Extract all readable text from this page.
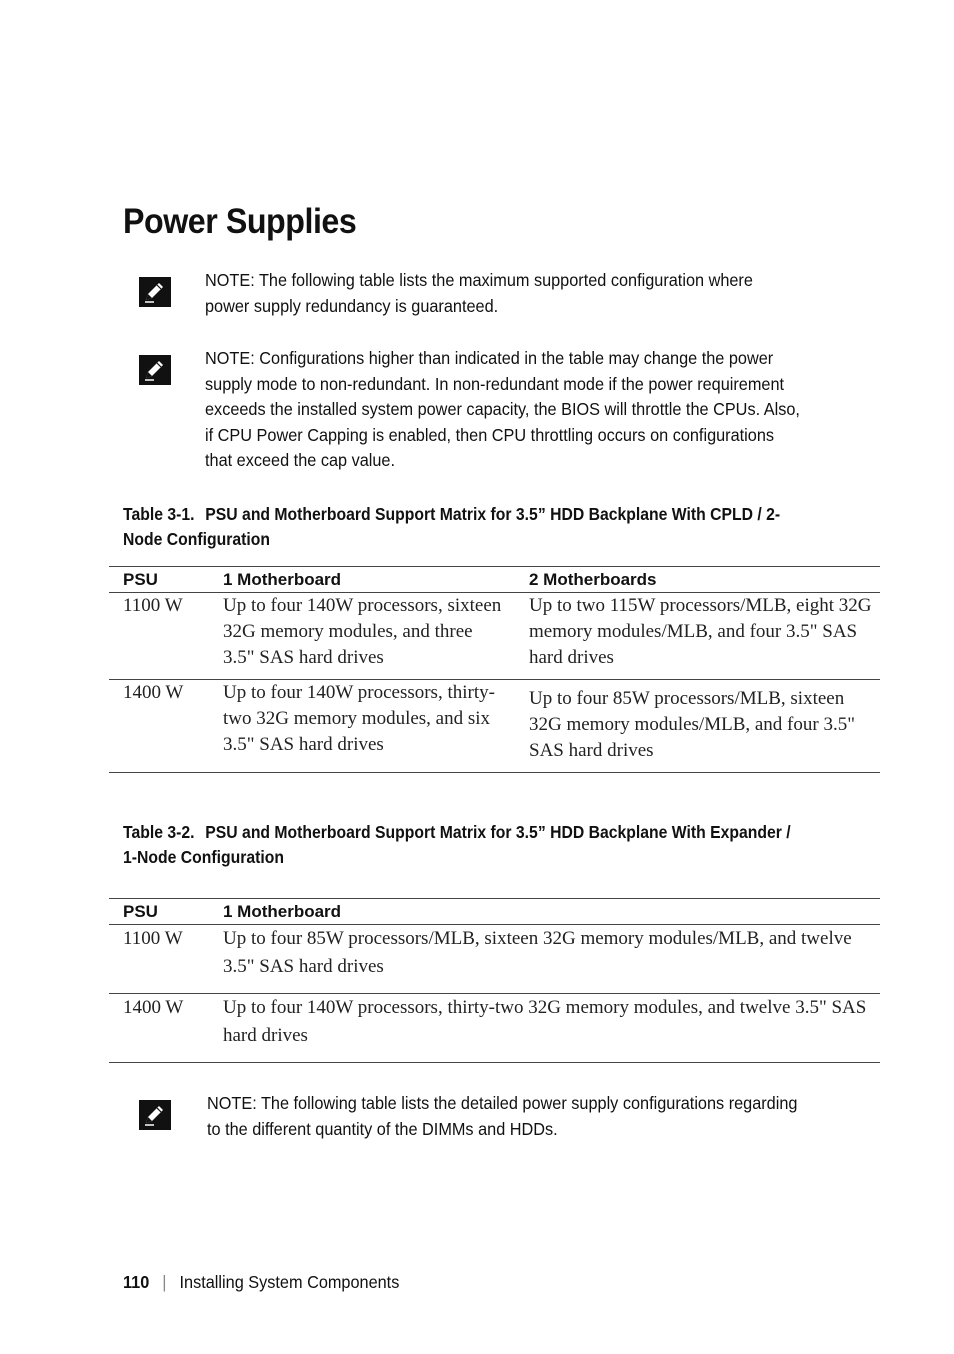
Power Supplies
NOTE: The following table lists the maximum supported configuration where power supply redundancy is guaranteed.
NOTE: Configurations higher than indicated in the table may change the power supply mode to non-redundant. In non-redundant mode if the power requirement exceeds the installed system power capacity, the BIOS will throttle the CPUs. Also, if CPU Power Capping is enabled, then CPU throttling occurs on configurations that exceed the cap value.

Table 3-1. PSU and Motherboard Support Matrix for 3.5” HDD Backplane With CPLD / 2-Node Configuration

PSU	1 Motherboard	2 Motherboards
1100 W	Up to four 140W processors, sixteen 32G memory modules, and three 3.5" SAS hard drives	Up to two 115W processors/MLB, eight 32G memory modules/MLB, and four 3.5" SAS hard drives
1400 W	Up to four 140W processors, thirty-two 32G memory modules, and six 3.5" SAS hard drives	Up to four 85W processors/MLB, sixteen 32G memory modules/MLB, and four 3.5" SAS hard drives

Table 3-2. PSU and Motherboard Support Matrix for 3.5” HDD Backplane With Expander / 1-Node Configuration

PSU	1 Motherboard
1100 W	Up to four 85W processors/MLB, sixteen 32G memory modules/MLB, and twelve 3.5" SAS hard drives
1400 W	Up to four 140W processors, thirty-two 32G memory modules, and twelve 3.5" SAS hard drives
NOTE: The following table lists the detailed power supply configurations regarding to the different quantity of the DIMMs and HDDs.
110 | Installing System Components
